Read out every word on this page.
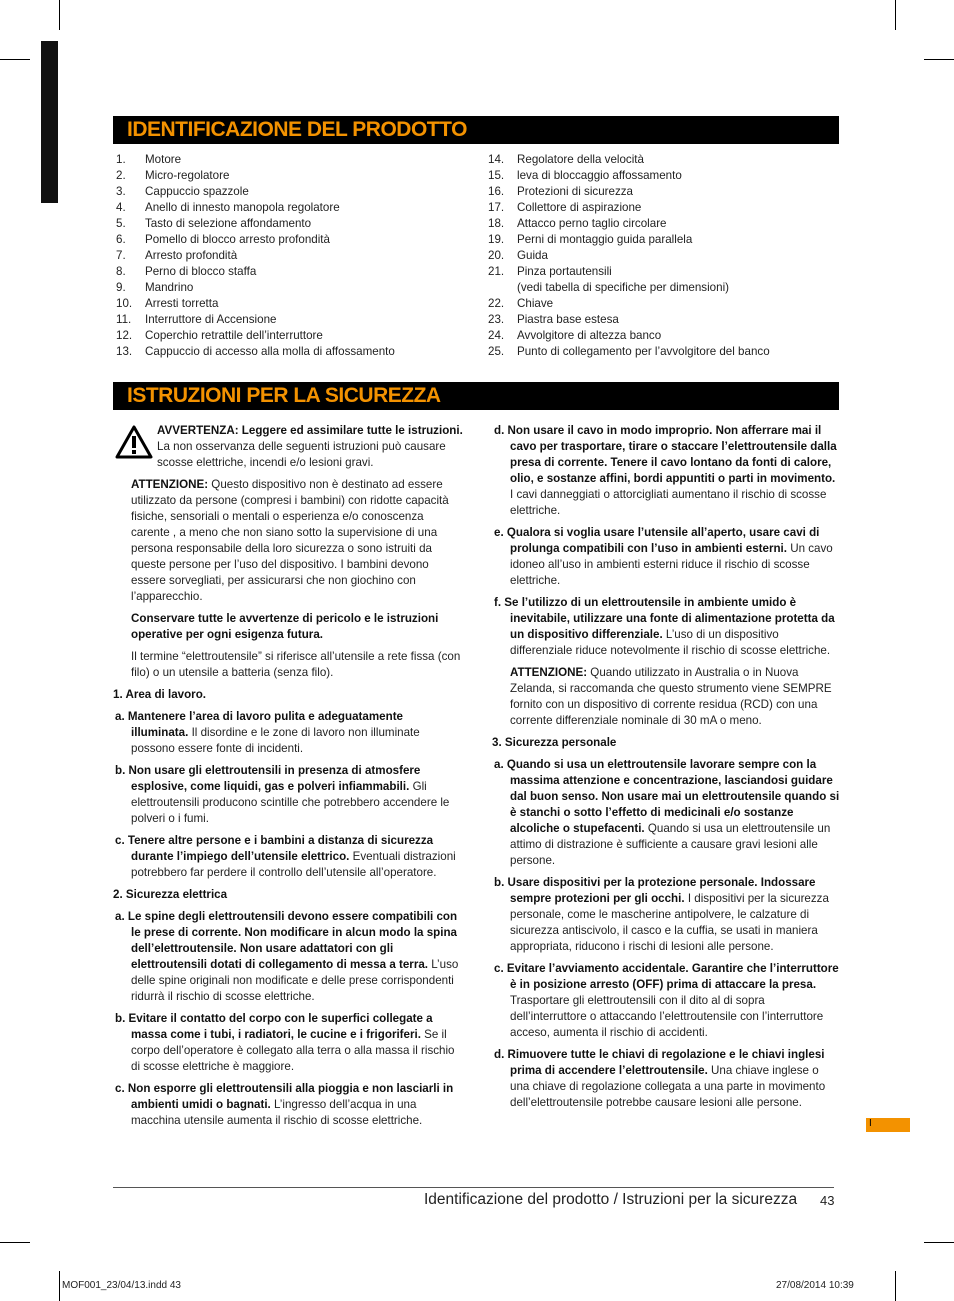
IDENTIFICAZIONE DEL PRODOTTO
1.	Motore
2.	Micro-regolatore
3.	Cappuccio spazzole
4.	Anello di innesto manopola regolatore
5.	Tasto di selezione affondamento
6.	Pomello di blocco arresto profondità
7.	Arresto profondità
8.	Perno di blocco staffa
9.	Mandrino
10.	Arresti torretta
11.	Interruttore di Accensione
12.	Coperchio retrattile dell’interruttore
13.	Cappuccio di accesso alla molla di affossamento
14.	Regolatore della velocità
15.	leva di bloccaggio affossamento
16.	Protezioni di sicurezza
17.	Collettore di aspirazione
18.	Attacco perno taglio circolare
19.	Perni di montaggio guida parallela
20.	Guida
21.	Pinza portautensili
(vedi tabella di specifiche per dimensioni)
22.	Chiave
23.	Piastra base estesa
24.	Avvolgitore di altezza banco
25.	Punto di collegamento per l’avvolgitore del banco
ISTRUZIONI PER LA SICUREZZA

AVVERTENZA: Leggere ed assimilare tutte le istruzioni. La non osservanza delle seguenti istruzioni può causare scosse elettriche, incendi e/o lesioni gravi.

ATTENZIONE: Questo dispositivo non è destinato ad essere utilizzato da persone (compresi i bambini) con ridotte capacità fisiche, sensoriali o mentali o esperienza e/o conoscenza carente , a meno che non siano sotto la supervisione di una persona responsabile della loro sicurezza o sono istruiti da queste persone per l’uso del dispositivo. I bambini devono essere sorvegliati, per assicurarsi che non giochino con l’apparecchio.

Conservare tutte le avvertenze di pericolo e le istruzioni operative per ogni esigenza futura.

Il termine “elettroutensile” si riferisce all’utensile a rete fissa (con filo) o un utensile a batteria (senza filo).

1. Area di lavoro.

a. Mantenere l’area di lavoro pulita e adeguatamente illuminata. Il disordine e le zone di lavoro non illuminate possono essere fonte di incidenti.

b. Non usare gli elettroutensili in presenza di atmosfere esplosive, come liquidi, gas e polveri infiammabili. Gli elettroutensili producono scintille che potrebbero accendere le polveri o i fumi.

c. Tenere altre persone e i bambini a distanza di sicurezza durante l’impiego dell’utensile elettrico. Eventuali distrazioni potrebbero far perdere il controllo dell’utensile all’operatore.

2. Sicurezza elettrica

a. Le spine degli elettroutensili devono essere compatibili con le prese di corrente. Non modificare in alcun modo la spina dell’elettroutensile. Non usare adattatori con gli elettroutensili dotati di collegamento di messa a terra. L’uso delle spine originali non modificate e delle prese corrispondenti ridurrà il rischio di scosse elettriche.

b. Evitare il contatto del corpo con le superfici collegate a massa come i tubi, i radiatori, le cucine e i frigoriferi. Se il corpo dell’operatore è collegato alla terra o alla massa il rischio di scosse elettriche è maggiore.

c. Non esporre gli elettroutensili alla pioggia e non lasciarli in ambienti umidi o bagnati. L’ingresso dell’acqua in una macchina utensile aumenta il rischio di scosse elettriche.

d. Non usare il cavo in modo improprio. Non afferrare mai il cavo per trasportare, tirare o staccare l’elettroutensile dalla presa di corrente. Tenere il cavo lontano da fonti di calore, olio, e sostanze affini, bordi appuntiti o parti in movimento. I cavi danneggiati o attorcigliati aumentano il rischio di scosse elettriche.

e. Qualora si voglia usare l’utensile all’aperto, usare cavi di prolunga compatibili con l’uso in ambienti esterni. Un cavo idoneo all’uso in ambienti esterni riduce il rischio di scosse elettriche.

f. Se l’utilizzo di un elettroutensile in ambiente umido è inevitabile, utilizzare una fonte di alimentazione protetta da un dispositivo differenziale. L’uso di un dispositivo differenziale riduce notevolmente il rischio di scosse elettriche.

ATTENZIONE: Quando utilizzato in Australia o in Nuova Zelanda, si raccomanda che questo strumento viene SEMPRE fornito con un dispositivo di corrente residua (RCD) con una corrente differenziale nominale di 30 mA o meno.

3. Sicurezza personale

a. Quando si usa un elettroutensile lavorare sempre con la massima attenzione e concentrazione, lasciandosi guidare dal buon senso. Non usare mai un elettroutensile quando si è stanchi o sotto l’effetto di medicinali e/o sostanze alcoliche o stupefacenti. Quando si usa un elettroutensile un attimo di distrazione è sufficiente a causare gravi lesioni alle persone.

b. Usare dispositivi per la protezione personale. Indossare sempre protezioni per gli occhi. I dispositivi per la sicurezza personale, come le mascherine antipolvere, le calzature di sicurezza antiscivolo, il casco e la cuffia, se usati in maniera appropriata, riducono i rischi di lesioni alle persone.

c. Evitare l’avviamento accidentale. Garantire che l’interruttore è in posizione arresto (OFF) prima di attaccare la presa. Trasportare gli elettroutensili con il dito al di sopra dell’interruttore o attaccando l’elettroutensile con l’interruttore acceso, aumenta il rischio di accidenti.

d. Rimuovere tutte le chiavi di regolazione e le chiavi inglesi prima di accendere l’elettroutensile. Una chiave inglese o una chiave di regolazione collegata a una parte in movimento dell’elettroutensile potrebbe causare lesioni alle persone.

I
Identificazione del prodotto / Istruzioni per la sicurezza 43
MOF001_23/04/13.indd 43	27/08/2014 10:39
